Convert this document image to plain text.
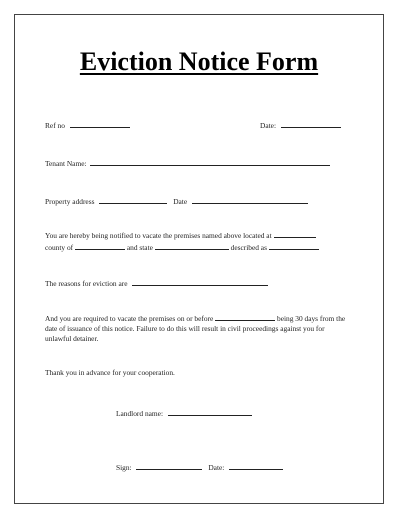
Eviction Notice Form
Ref no	Date:
Tenant Name:
Property address	Date
You are hereby being notified to vacate the premises named above located at
county of	and state	described as
The reasons for eviction are
And you are required to vacate the premises on or before	being 30 days from the date of issuance of this notice. Failure to do this will result in civil proceedings against you for unlawful detainer.
Thank you in advance for your cooperation.
Landlord name:
Sign:	Date:
